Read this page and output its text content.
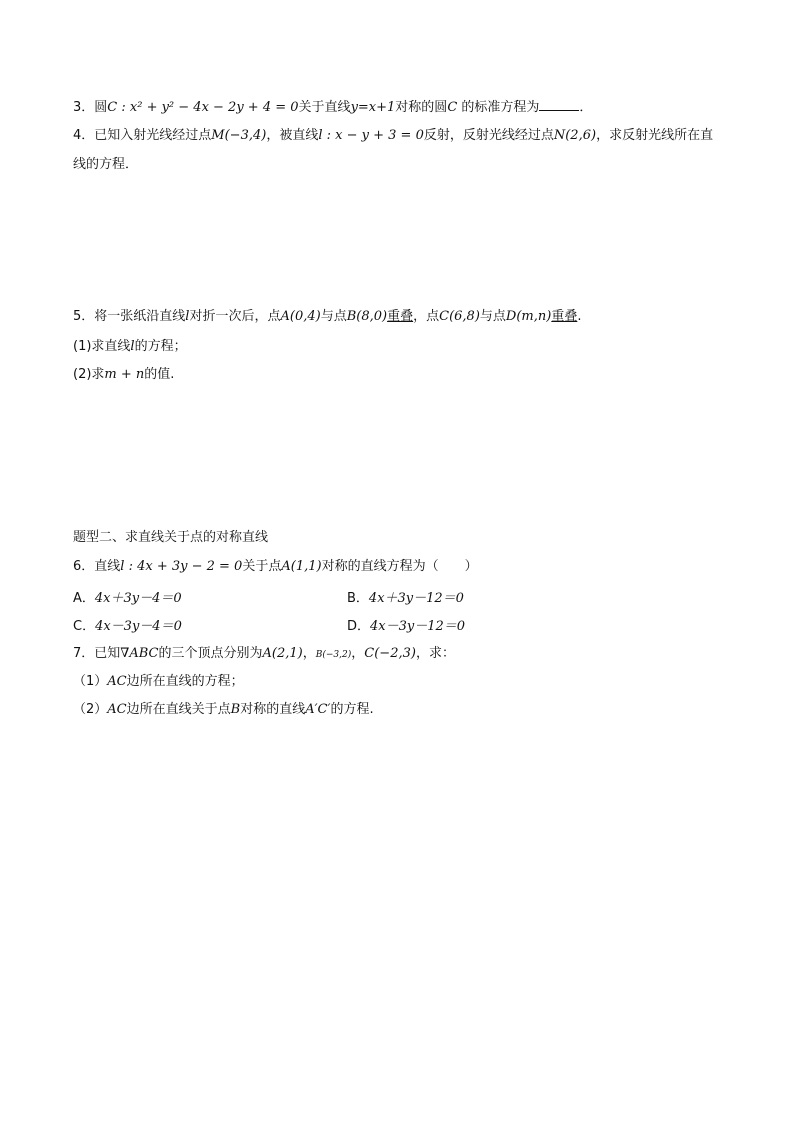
3．圆C : x² + y² − 4x − 2y + 4 = 0关于直线y=x+1对称的圆C 的标准方程为	．
4．已知入射光线经过点M(−3,4)，被直线l : x − y + 3 = 0反射，反射光线经过点N(2,6)，求反射光线所在直
线的方程．
5．将一张纸沿直线l对折一次后，点A(0,4)与点B(8,0)重叠，点C(6,8)与点D(m,n)重叠.
(1)求直线l的方程；
(2)求m + n的值.
题型二、求直线关于点的对称直线
6．直线l : 4x + 3y − 2 = 0关于点A(1,1)对称的直线方程为（　　）
A．4x＋3y－4＝0	B．4x＋3y－12＝0
C．4x－3y－4＝0	D．4x－3y－12＝0
7．已知∇ABC的三个顶点分别为A(2,1)，B(−3,2)，C(−2,3)，求：
（1）AC边所在直线的方程；
（2）AC边所在直线关于点B对称的直线A′C′的方程.
